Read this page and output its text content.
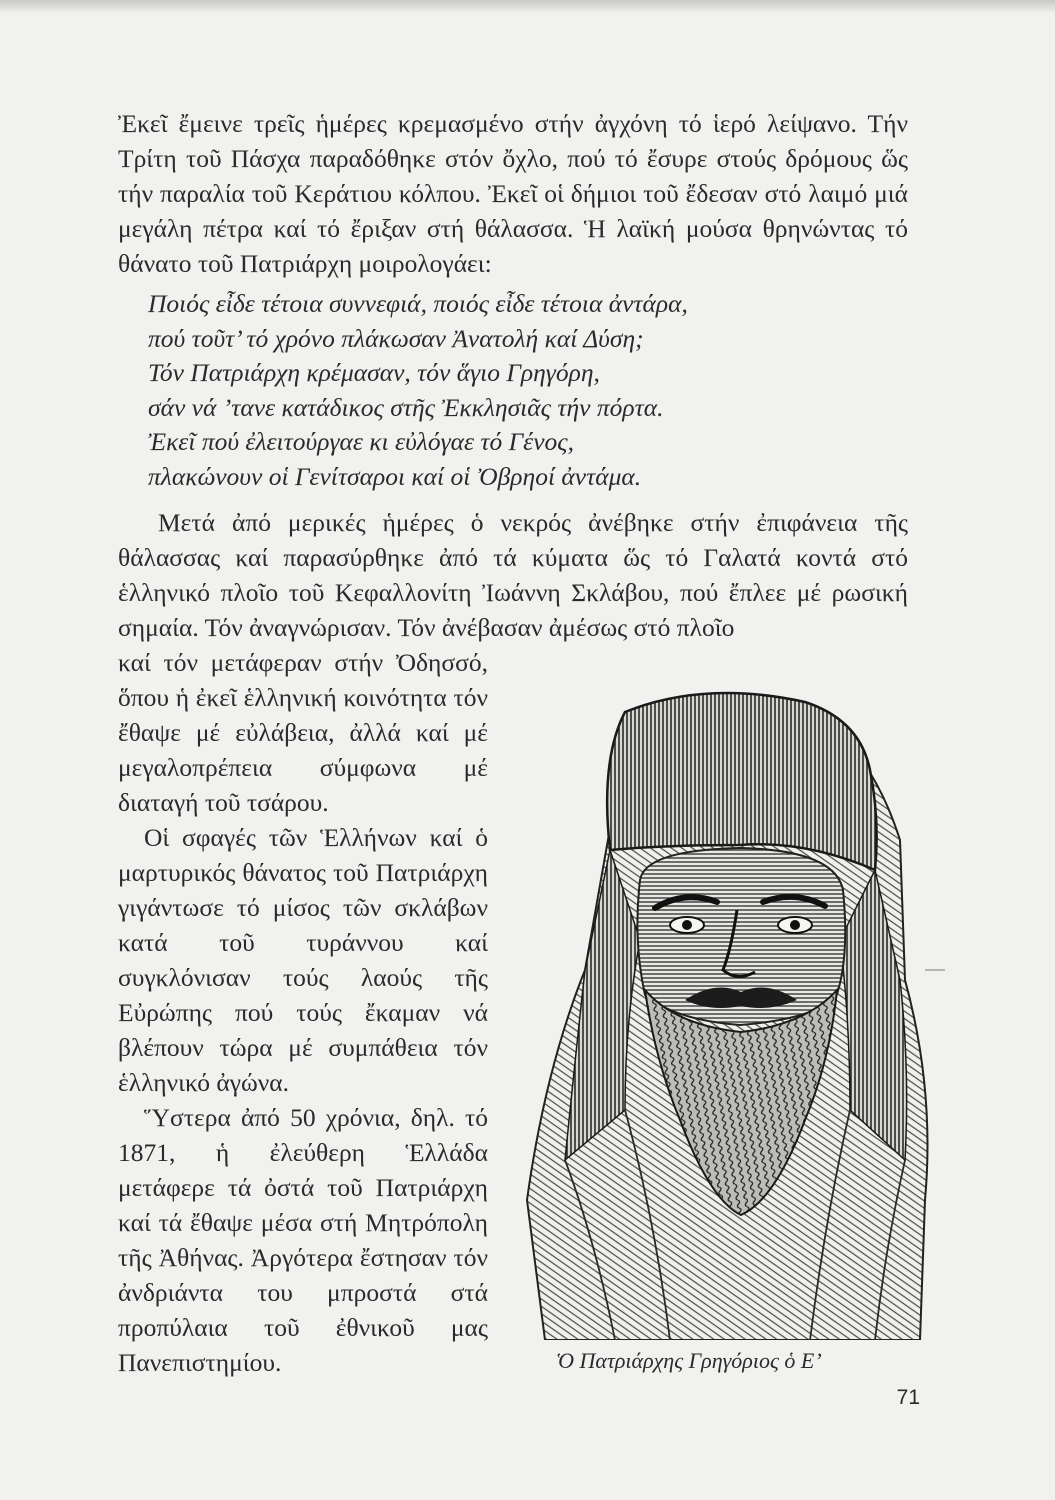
Ἐκεῖ ἔμεινε τρεῖς ἡμέρες κρεμασμένο στήν ἀγχόνη τό ἱερό λείψανο. Τήν Τρίτη τοῦ Πάσχα παραδόθηκε στόν ὄχλο, πού τό ἔσυρε στούς δρόμους ὥς τήν παραλία τοῦ Κεράτιου κόλπου. Ἐκεῖ οἱ δήμιοι τοῦ ἔδεσαν στό λαιμό μιά μεγάλη πέτρα καί τό ἔριξαν στή θάλασσα. Ἡ λαϊκή μούσα θρηνώντας τό θάνατο τοῦ Πατριάρχη μοιρολογάει:

Ποιός εἶδε τέτοια συννεφιά, ποιός εἶδε τέτοια ἀντάρα,
πού τοῦτ’ τό χρόνο πλάκωσαν Ἀνατολή καί Δύση;
Τόν Πατριάρχη κρέμασαν, τόν ἅγιο Γρηγόρη,
σάν νά ’τανε κατάδικος στῆς Ἐκκλησιᾶς τήν πόρτα.
Ἐκεῖ πού ἐλειτούργαε κι εὐλόγαε τό Γένος,
πλακώνουν οἱ Γενίτσαροι καί οἱ Ὀβρηοί ἀντάμα.

Μετά ἀπό μερικές ἡμέρες ὁ νεκρός ἀνέβηκε στήν ἐπιφάνεια τῆς θάλασσας καί παρασύρθηκε ἀπό τά κύματα ὥς τό Γαλατά κοντά στό ἑλληνικό πλοῖο τοῦ Κεφαλλονίτη Ἰωάννη Σκλάβου, πού ἔπλεε μέ ρωσική σημαία. Τόν ἀναγνώρισαν. Τόν ἀνέβασαν ἀμέσως στό πλοῖο

καί τόν μετάφεραν στήν Ὀδησσό, ὅπου ἡ ἐκεῖ ἑλληνική κοινότητα τόν ἔθαψε μέ εὐλάβεια, ἀλλά καί μέ μεγαλοπρέπεια σύμφωνα μέ διαταγή τοῦ τσάρου.

Οἱ σφαγές τῶν Ἑλλήνων καί ὁ μαρτυρικός θάνατος τοῦ Πατριάρχη γιγάντωσε τό μίσος τῶν σκλάβων κατά τοῦ τυράννου καί συγκλόνισαν τούς λαούς τῆς Εὐρώπης πού τούς ἔκαμαν νά βλέπουν τώρα μέ συμπάθεια τόν ἑλληνικό ἀγώνα.

Ὕστερα ἀπό 50 χρόνια, δηλ. τό 1871, ἡ ἐλεύθερη Ἑλλάδα μετάφερε τά ὀστά τοῦ Πατριάρχη καί τά ἔθαψε μέσα στή Μητρόπολη τῆς Ἀθήνας. Ἀργότερα ἔστησαν τόν ἀνδριάντα του μπροστά στά προπύλαια τοῦ ἐθνικοῦ μας Πανεπιστημίου.	Ὁ Πατριάρχης Γρηγόριος ὁ Ε’
71
